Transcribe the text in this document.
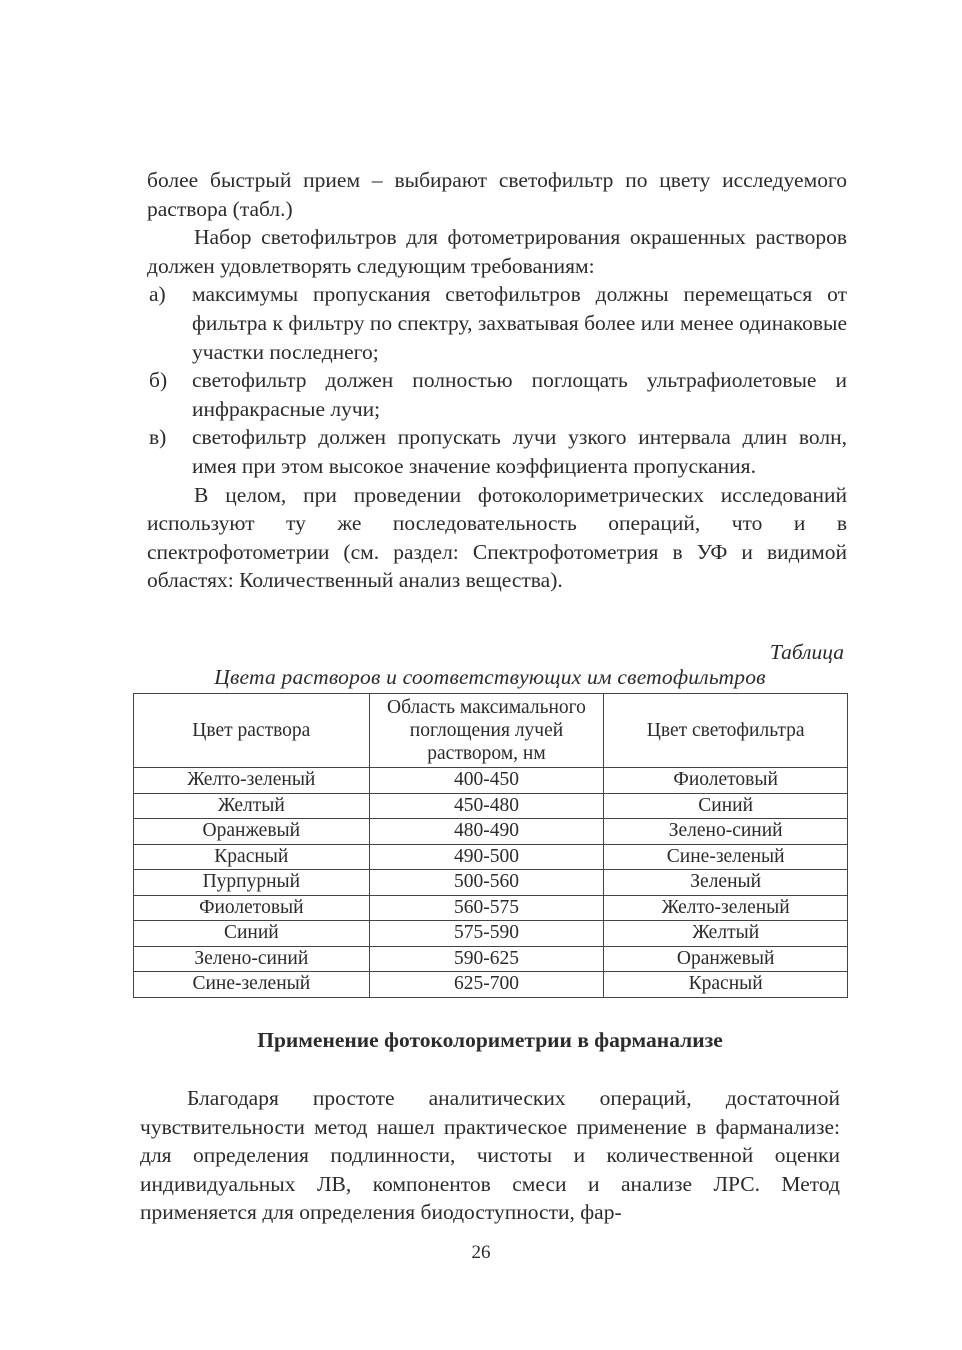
более быстрый прием – выбирают светофильтр по цвету исследуемого раствора (табл.)

Набор светофильтров для фотометрирования окрашенных растворов должен удовлетворять следующим требованиям:

а) максимумы пропускания светофильтров должны перемещаться от фильтра к фильтру по спектру, захватывая более или менее одинаковые участки последнего;
б) светофильтр должен полностью поглощать ультрафиолетовые и инфракрасные лучи;
в) светофильтр должен пропускать лучи узкого интервала длин волн, имея при этом высокое значение коэффициента пропускания.

В целом, при проведении фотоколориметрических исследований используют ту же последовательность операций, что и в спектрофотометрии (см. раздел: Спектрофотометрия в УФ и видимой областях: Количественный анализ вещества).

Таблица
Цвета растворов и соответствующих им светофильтров
Цвет раствора	Область максимального поглощения лучей раствором, нм	Цвет светофильтра
Желто-зеленый	400-450	Фиолетовый
Желтый	450-480	Синий
Оранжевый	480-490	Зелено-синий
Красный	490-500	Сине-зеленый
Пурпурный	500-560	Зеленый
Фиолетовый	560-575	Желто-зеленый
Синий	575-590	Желтый
Зелено-синий	590-625	Оранжевый
Сине-зеленый	625-700	Красный
Применение фотоколориметрии в фарманализе

Благодаря простоте аналитических операций, достаточной чувствительности метод нашел практическое применение в фарманализе: для определения подлинности, чистоты и количественной оценки индивидуальных ЛВ, компонентов смеси и анализе ЛРС. Метод применяется для определения биодоступности, фар-

26
